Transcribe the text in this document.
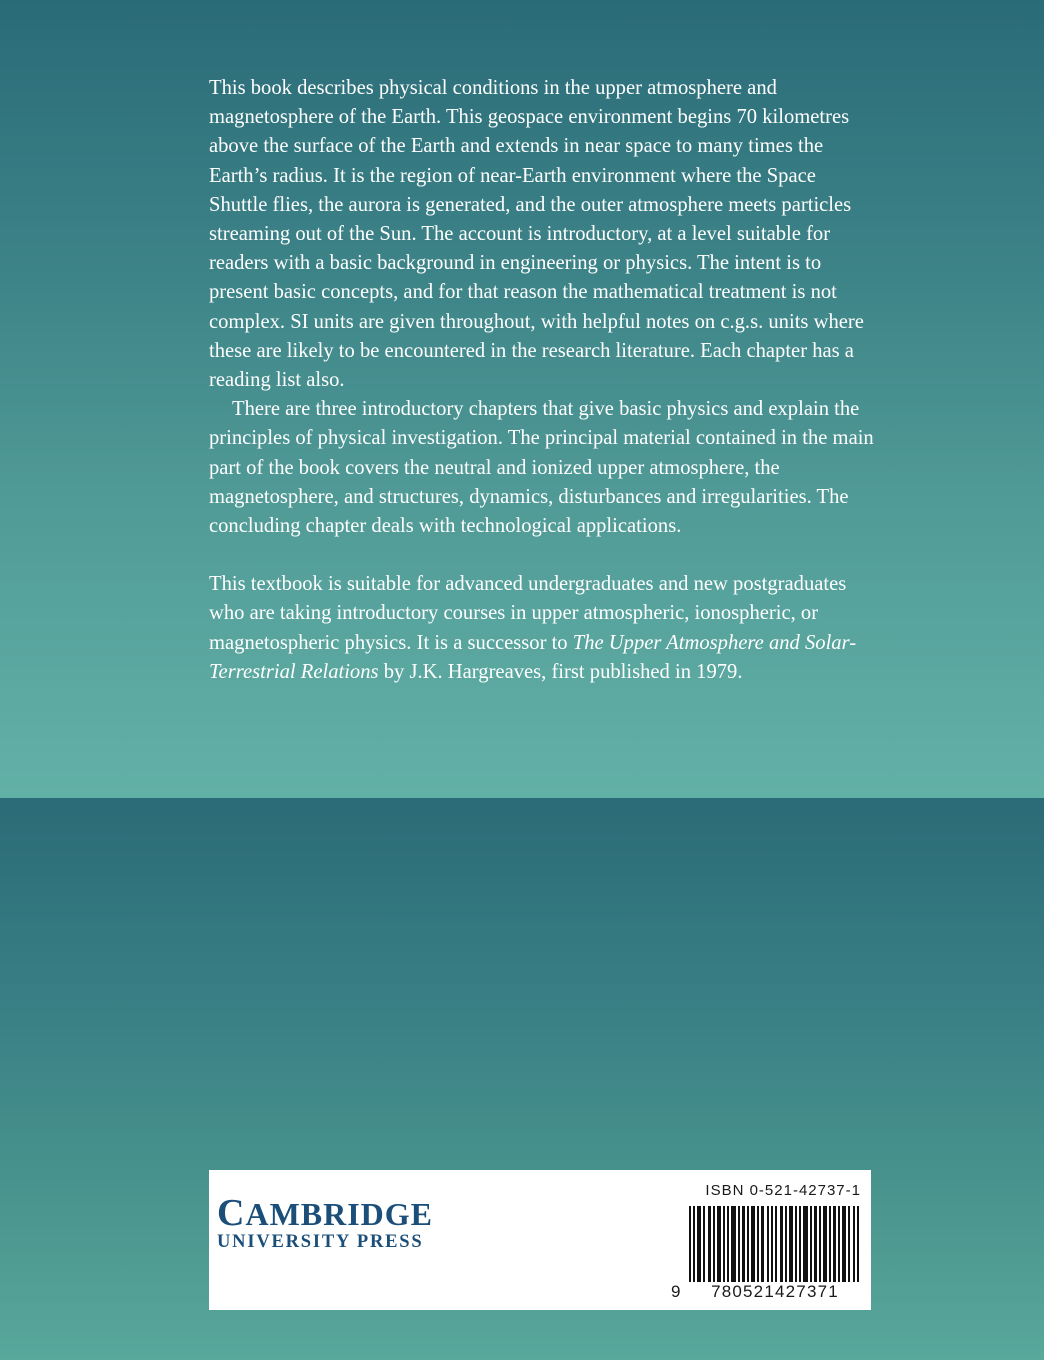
This book describes physical conditions in the upper atmosphere and magnetosphere of the Earth. This geospace environment begins 70 kilometres above the surface of the Earth and extends in near space to many times the Earth’s radius. It is the region of near-Earth environment where the Space Shuttle flies, the aurora is generated, and the outer atmosphere meets particles streaming out of the Sun. The account is introductory, at a level suitable for readers with a basic background in engineering or physics. The intent is to present basic concepts, and for that reason the mathematical treatment is not complex. SI units are given throughout, with helpful notes on c.g.s. units where these are likely to be encountered in the research literature. Each chapter has a reading list also.

There are three introductory chapters that give basic physics and explain the principles of physical investigation. The principal material contained in the main part of the book covers the neutral and ionized upper atmosphere, the magnetosphere, and structures, dynamics, disturbances and irregularities. The concluding chapter deals with technological applications.

This textbook is suitable for advanced undergraduates and new postgraduates who are taking introductory courses in upper atmospheric, ionospheric, or magnetospheric physics. It is a successor to The Upper Atmosphere and Solar-Terrestrial Relations by J.K. Hargreaves, first published in 1979.

CAMBRIDGE
UNIVERSITY PRESS
ISBN 0-521-42737-1
9	780521427371
